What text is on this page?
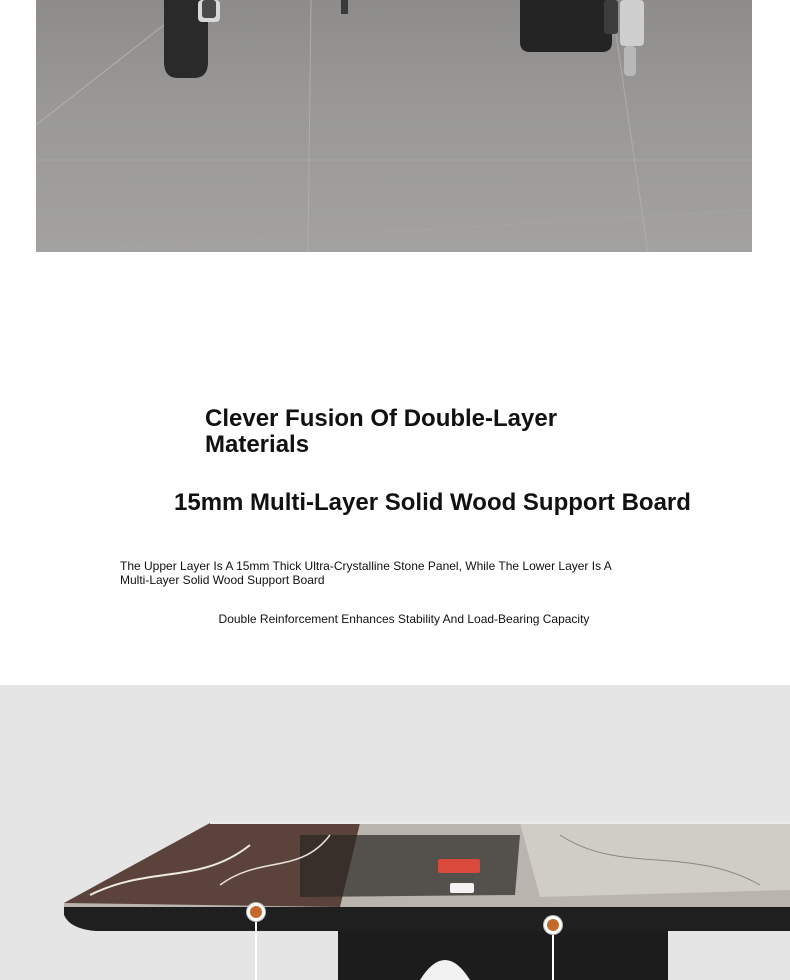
Clever Fusion Of Double-Layer Materials
15mm Multi-Layer Solid Wood Support Board

The Upper Layer Is A 15mm Thick Ultra-Crystalline Stone Panel, While The Lower Layer Is A Multi-Layer Solid Wood Support Board

Double Reinforcement Enhances Stability And Load-Bearing Capacity
